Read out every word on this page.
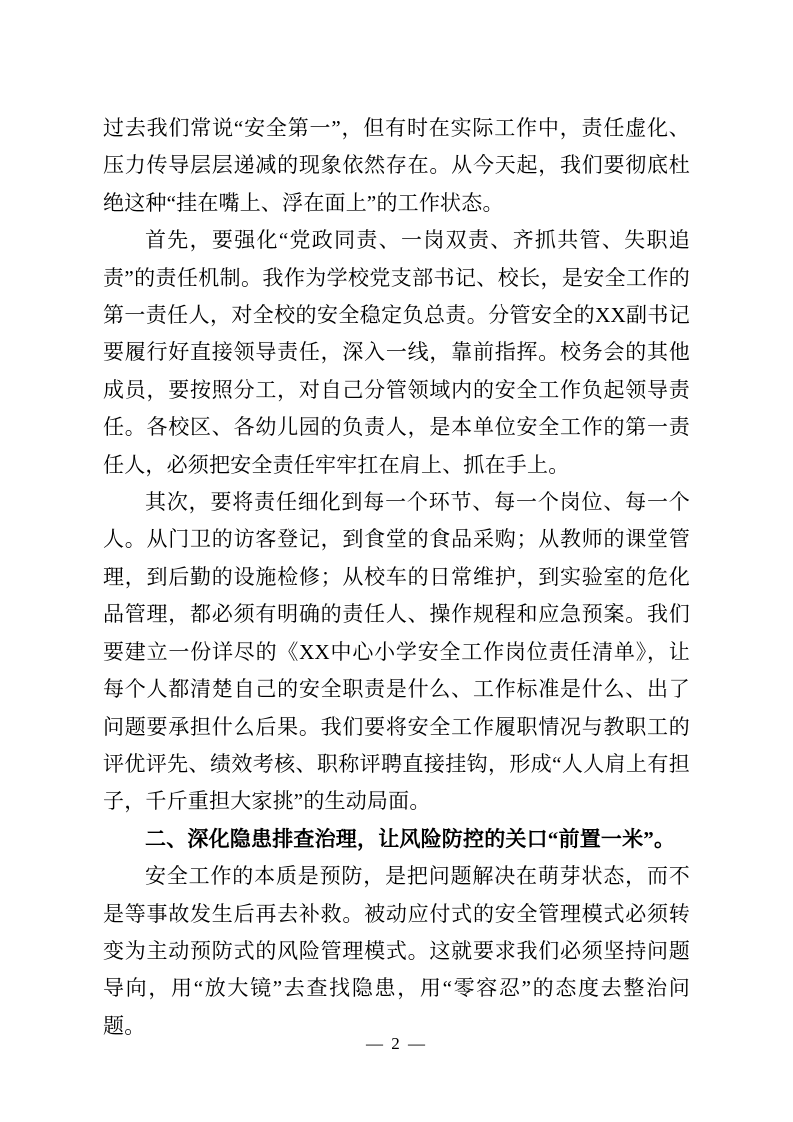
过去我们常说“安全第一”，但有时在实际工作中，责任虚化、压力传导层层递减的现象依然存在。从今天起，我们要彻底杜绝这种“挂在嘴上、浮在面上”的工作状态。

首先，要强化“党政同责、一岗双责、齐抓共管、失职追责”的责任机制。我作为学校党支部书记、校长，是安全工作的第一责任人，对全校的安全稳定负总责。分管安全的XX副书记要履行好直接领导责任，深入一线，靠前指挥。校务会的其他成员，要按照分工，对自己分管领域内的安全工作负起领导责任。各校区、各幼儿园的负责人，是本单位安全工作的第一责任人，必须把安全责任牢牢扛在肩上、抓在手上。

其次，要将责任细化到每一个环节、每一个岗位、每一个人。从门卫的访客登记，到食堂的食品采购；从教师的课堂管理，到后勤的设施检修；从校车的日常维护，到实验室的危化品管理，都必须有明确的责任人、操作规程和应急预案。我们要建立一份详尽的《XX中心小学安全工作岗位责任清单》，让每个人都清楚自己的安全职责是什么、工作标准是什么、出了问题要承担什么后果。我们要将安全工作履职情况与教职工的评优评先、绩效考核、职称评聘直接挂钩，形成“人人肩上有担子，千斤重担大家挑”的生动局面。

二、深化隐患排查治理，让风险防控的关口“前置一米”。

安全工作的本质是预防，是把问题解决在萌芽状态，而不是等事故发生后再去补救。被动应付式的安全管理模式必须转变为主动预防式的风险管理模式。这就要求我们必须坚持问题导向，用“放大镜”去查找隐患，用“零容忍”的态度去整治问题。

— 2 —
